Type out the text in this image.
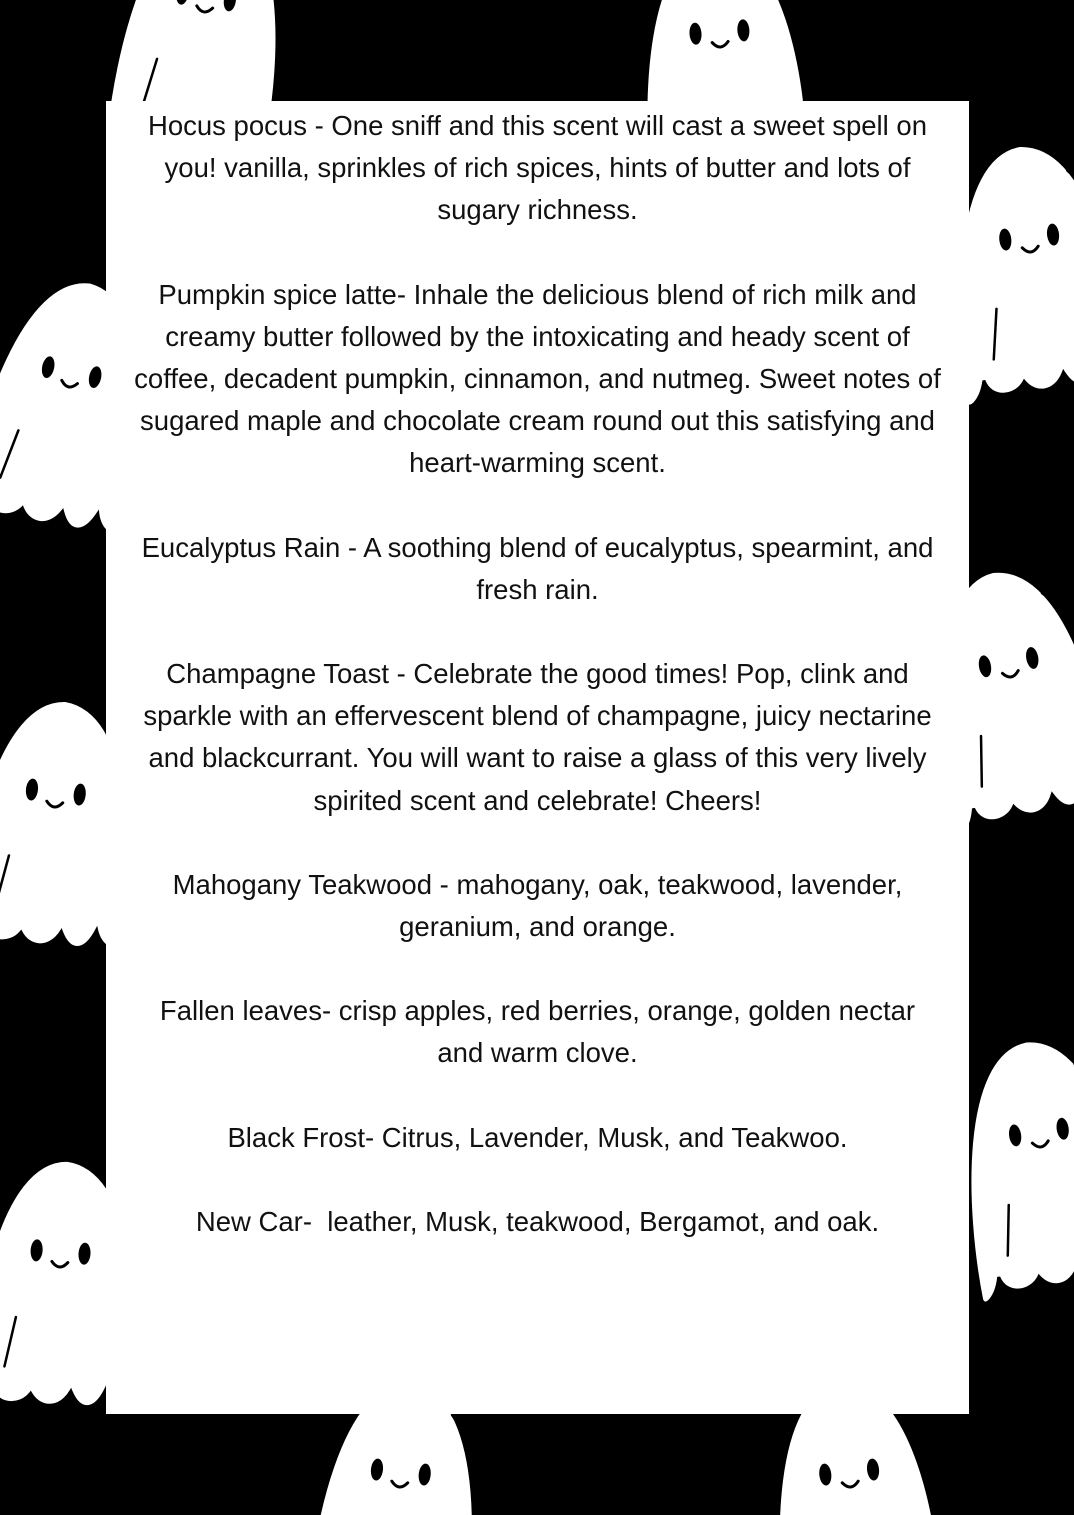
Hocus pocus - One sniff and this scent will cast a sweet spell on you! vanilla, sprinkles of rich spices, hints of butter and lots of sugary richness.

Pumpkin spice latte- Inhale the delicious blend of rich milk and creamy butter followed by the intoxicating and heady scent of coffee, decadent pumpkin, cinnamon, and nutmeg. Sweet notes of sugared maple and chocolate cream round out this satisfying and heart-warming scent.

Eucalyptus Rain - A soothing blend of eucalyptus, spearmint, and fresh rain.

Champagne Toast - Celebrate the good times! Pop, clink and sparkle with an effervescent blend of champagne, juicy nectarine and blackcurrant. You will want to raise a glass of this very lively spirited scent and celebrate! Cheers!

Mahogany Teakwood - mahogany, oak, teakwood, lavender, geranium, and orange.

Fallen leaves- crisp apples, red berries, orange, golden nectar and warm clove.

Black Frost- Citrus, Lavender, Musk, and Teakwoo.

New Car-  leather, Musk, teakwood, Bergamot, and oak.
